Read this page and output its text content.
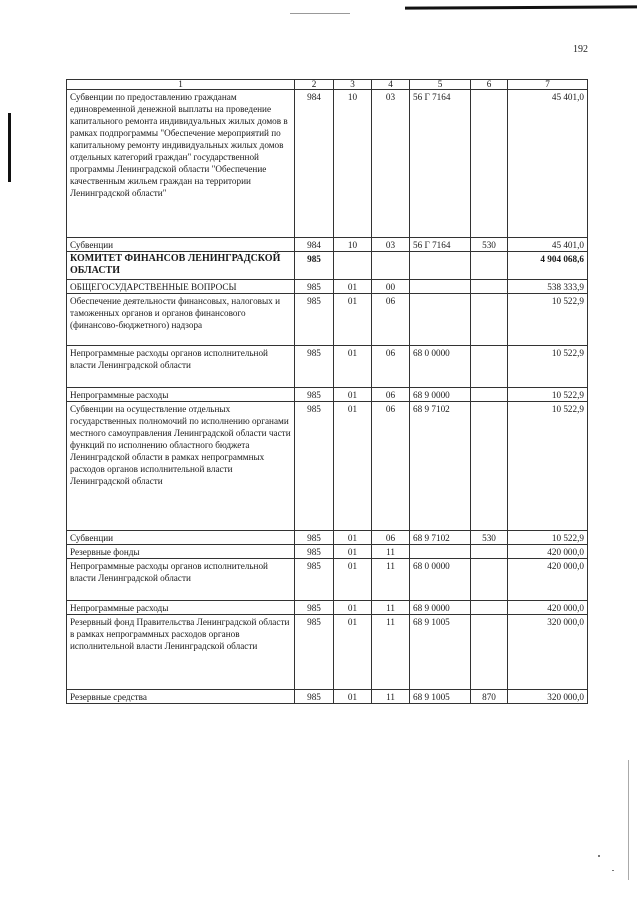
192
1	2	3	4	5	6	7
Субвенции по предоставлению гражданам единовременной денежной выплаты на проведение капитального ремонта индивидуальных жилых домов в рамках подпрограммы "Обеспечение мероприятий по капитальному ремонту индивидуальных жилых домов отдельных категорий граждан" государственной программы Ленинградской области "Обеспечение качественным жильем граждан на территории Ленинградской области"	984	10	03	56 Г 7164		45 401,0
Субвенции	984	10	03	56 Г 7164	530	45 401,0
КОМИТЕТ ФИНАНСОВ ЛЕНИНГРАДСКОЙ ОБЛАСТИ	985					4 904 068,6
ОБЩЕГОСУДАРСТВЕННЫЕ ВОПРОСЫ	985	01	00			538 333,9
Обеспечение деятельности финансовых, налоговых и таможенных органов и органов финансового (финансово-бюджетного) надзора	985	01	06			10 522,9
Непрограммные расходы органов исполнительной власти Ленинградской области	985	01	06	68 0 0000		10 522,9
Непрограммные расходы	985	01	06	68 9 0000		10 522,9
Субвенции на осуществление отдельных государственных полномочий по исполнению органами местного самоуправления Ленинградской области части функций по исполнению областного бюджета Ленинградской области в рамках непрограммных расходов органов исполнительной власти Ленинградской области	985	01	06	68 9 7102		10 522,9
Субвенции	985	01	06	68 9 7102	530	10 522,9
Резервные фонды	985	01	11			420 000,0
Непрограммные расходы органов исполнительной власти Ленинградской области	985	01	11	68 0 0000		420 000,0
Непрограммные расходы	985	01	11	68 9 0000		420 000,0
Резервный фонд Правительства Ленинградской области в рамках непрограммных расходов органов исполнительной власти Ленинградской области	985	01	11	68 9 1005		320 000,0
Резервные средства	985	01	11	68 9 1005	870	320 000,0
